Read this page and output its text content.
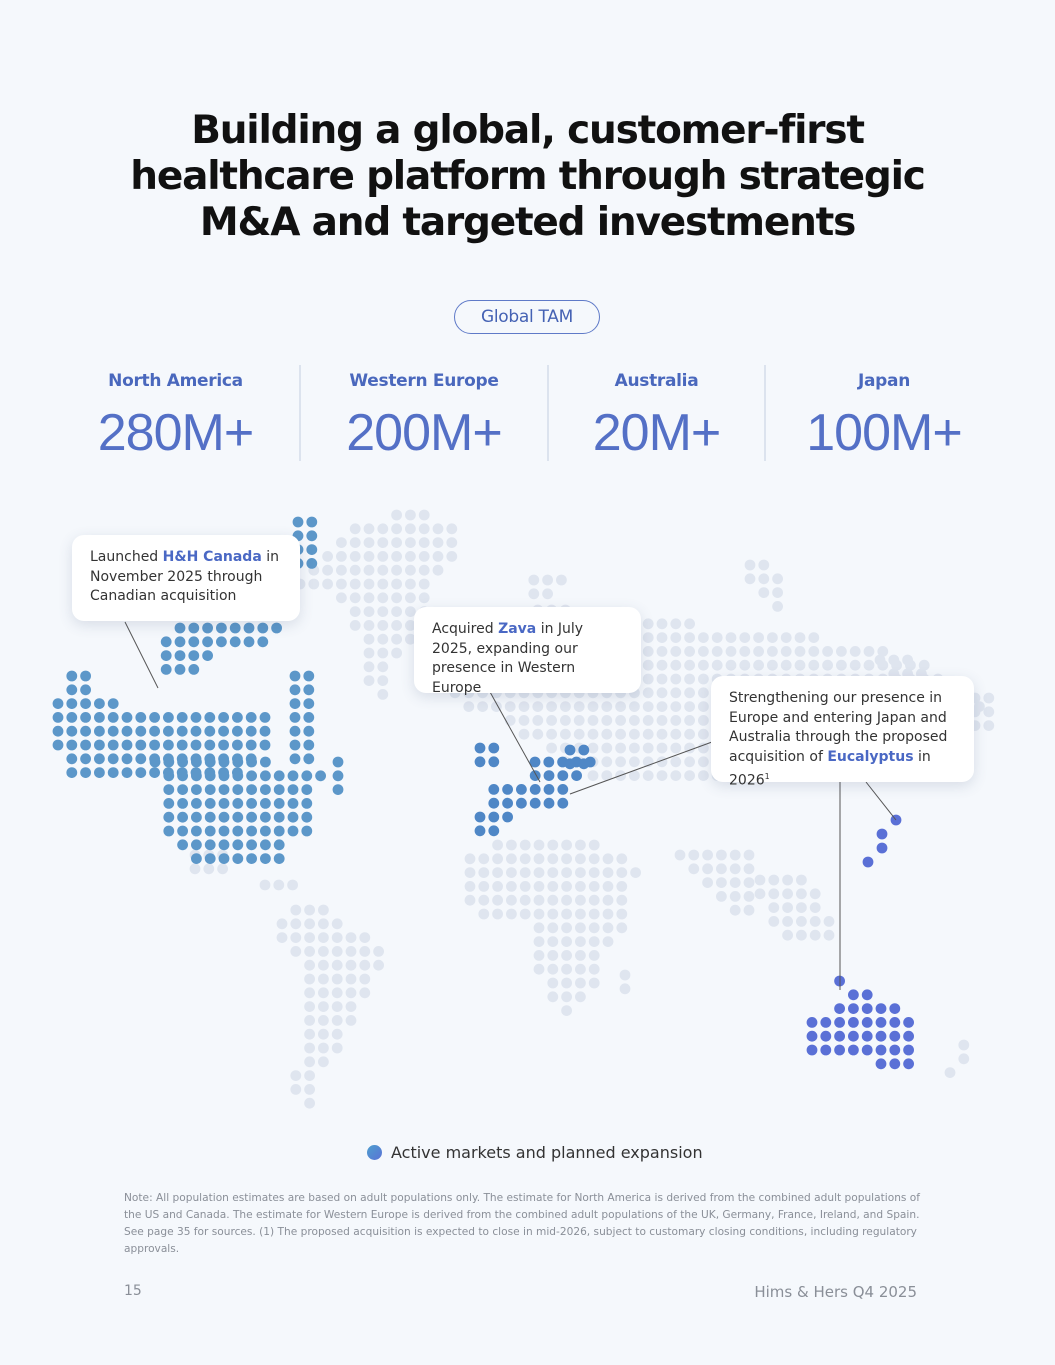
Building a global, customer-first
healthcare platform through strategic
M&A and targeted investments
Global TAM
North America
280M+
Western Europe
200M+
Australia
20M+
Japan
100M+
Launched H&H Canada in November 2025 through Canadian acquisition
Acquired Zava in July 2025, expanding our presence in Western Europe
Strengthening our presence in Europe and entering Japan and Australia through the proposed acquisition of Eucalyptus in 2026$^1$
Active markets and planned expansion
Note: All population estimates are based on adult populations only. The estimate for North America is derived from the combined adult populations of the US and Canada. The estimate for Western Europe is derived from the combined adult populations of the UK, Germany, France, Ireland, and Spain. See page 35 for sources. (1) The proposed acquisition is expected to close in mid-2026, subject to customary closing conditions, including regulatory approvals.
15	Hims & Hers Q4 2025
